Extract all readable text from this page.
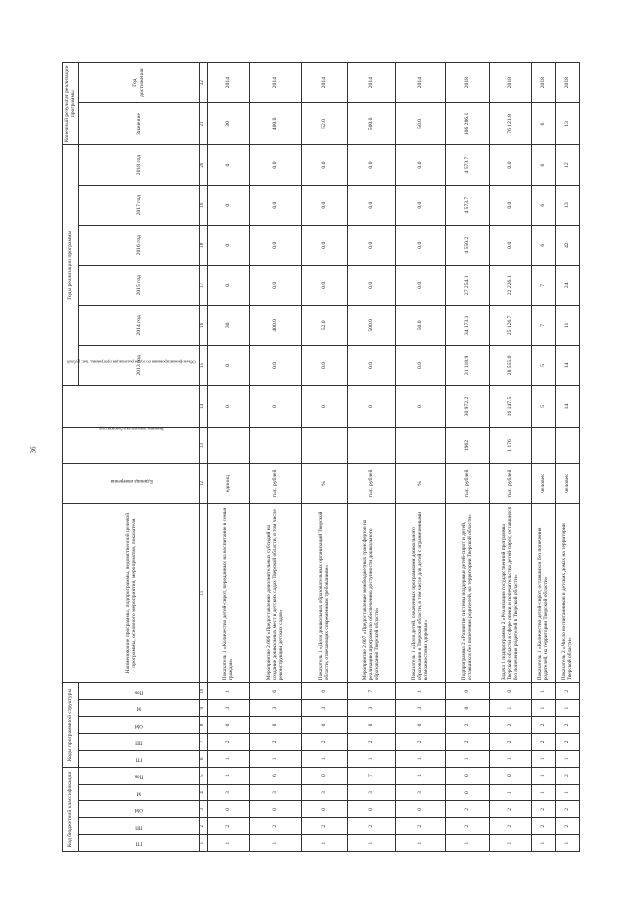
36
Код бюджетной классификации					Коды программной структуры					Наименование программы, подпрограммы, ведомственной целевой программы, основного мероприятия, мероприятия, показателя	Единица измерения	Значение показателя в базовом году	Объем финансирования по годам реализации программы, тыс. рублей	Годы реализации программы						Конечный результат реализации программы	
ГП	ПП	ОМ	М	Пок	ГП	ПП	ОМ	М	Пок					2013 год	2014 год	2015 год	2016 год	2017 год	2018 год	Значение	Год достижения

1	2	3	4	5	6	7	8	9	10	11	12	13	14	15	16	17	18	19	20	21	22
1	2	0	3	1	1	2	0	3	1	Показатель 1 «Количество детей-сирот, переданных на воспитание в семьи граждан»	единиц		0	0	30	0	0	0	0	30	2014
1	2	0	3	6	1	2	0	3	6	Мероприятие 2.006 «Предоставление дополнительных субсидий на создание дошкольных мест в детских садах Тверской области, в том числе реконструкции детских садов»	тыс. рублей		0	0.0	400.0	0.0	0.0	0.0	0.0	400.0	2014
1	2	0	3	0	1	2	0	3	0	Показатель 1 «Доля дошкольных образовательных организаций Тверской области, отвечающих современным требованиям»	%		0	0.0	52.0	0.0	0.0	0.0	0.0	52.0	2014
1	2	0	3	7	1	2	0	3	7	Мероприятие 2.007 «Предоставление межбюджетных трансфертов на реализацию программ по обеспечению доступности дошкольного образования Тверской области»	тыс. рублей		0	0.0	500.0	0.0	0.0	0.0	0.0	500.0	2014
1	2	0	3	1	1	2	0	3	1	Показатель 1 «Доля детей, охваченных программами дошкольного образования в Тверской области, в том числе для детей с ограниченными возможностями здоровья»	%		0	0.0	50.0	0.0	0.0	0.0	0.0	50.0	2014
1	2	2	0	0	1	2	2	0	0	Подпрограмма 2 «Развитие системы поддержки детей-сирот и детей, оставшихся без попечения родителей, на территории Тверской области»	тыс. рублей	1962	30 972.2	31 118.9	34 173.1	27 254.1	4 550.2	4 573.7	4 573.7	106 286.1	2018
1	2	2	1	0	1	2	2	1	0	Задача 1 подпрограммы 2 «Реализация государственной программы Тверской области в сфере опеки и попечительства детей-сирот, оставшихся без попечения родителей в Тверской области»	тыс. рублей	1 176	16 147.5	28 555.0	25 126.7	22 226.1	0.0	0.0	0.0	76 121.8	2018
1	2	2	1	1	1	2	2	1	1	Показатель 1 «Количество детей-сирот, оставшихся без попечения родителей, на территории Тверской области»	человек		5	5	7	7	6	6	6	6	2018
1	2	2	1	2	1	2	2	1	2	Показатель 2 «Число воспитанников в детских домах на территории Тверской области»	человек		14	14	11	24	42	13	12	13	2018
